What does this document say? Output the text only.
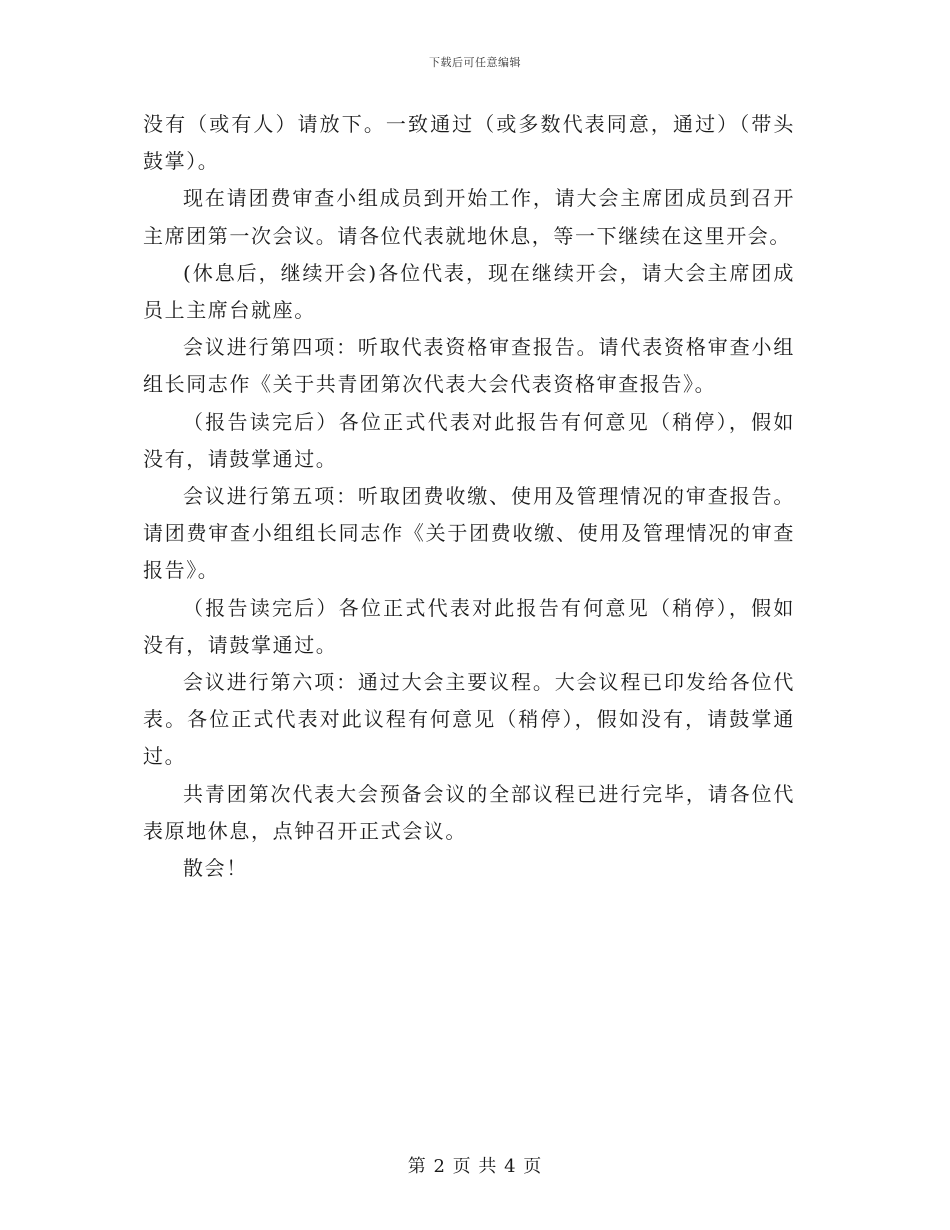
下载后可任意编辑

没有（或有人）请放下。一致通过（或多数代表同意，通过）（带头鼓掌）。

现在请团费审查小组成员到开始工作，请大会主席团成员到召开主席团第一次会议。请各位代表就地休息，等一下继续在这里开会。

(休息后，继续开会)各位代表，现在继续开会，请大会主席团成员上主席台就座。

会议进行第四项：听取代表资格审查报告。请代表资格审查小组组长同志作《关于共青团第次代表大会代表资格审查报告》。

（报告读完后）各位正式代表对此报告有何意见（稍停），假如没有，请鼓掌通过。

会议进行第五项：听取团费收缴、使用及管理情况的审查报告。请团费审查小组组长同志作《关于团费收缴、使用及管理情况的审查报告》。

（报告读完后）各位正式代表对此报告有何意见（稍停），假如没有，请鼓掌通过。

会议进行第六项：通过大会主要议程。大会议程已印发给各位代表。各位正式代表对此议程有何意见（稍停），假如没有，请鼓掌通过。

共青团第次代表大会预备会议的全部议程已进行完毕，请各位代表原地休息，点钟召开正式会议。

散会！

第 2 页 共 4 页
